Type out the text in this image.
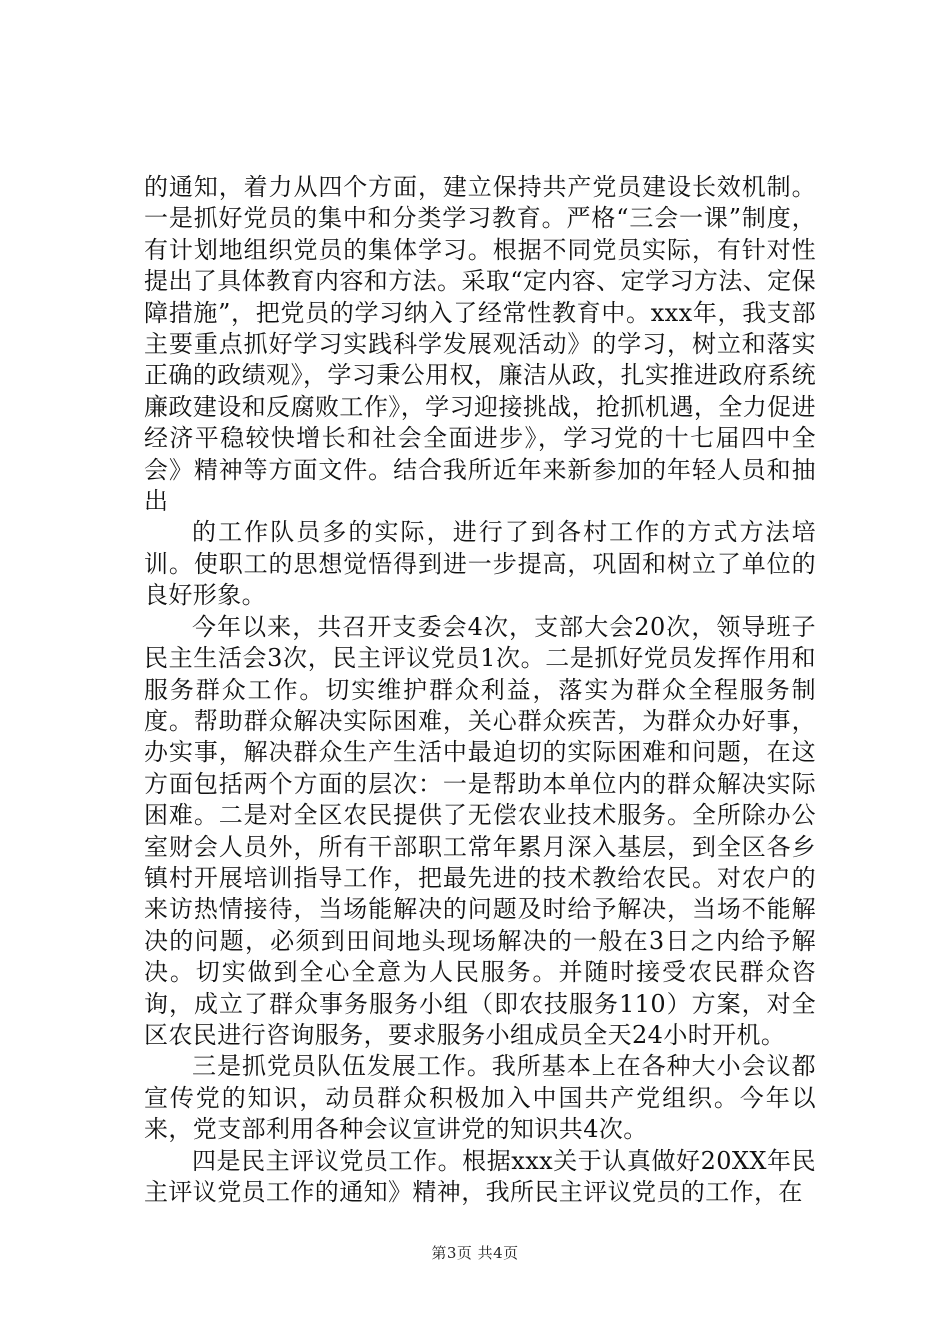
的通知，着力从四个方面，建立保持共产党员建设长效机制。一是抓好党员的集中和分类学习教育。严格“三会一课”制度，有计划地组织党员的集体学习。根据不同党员实际，有针对性提出了具体教育内容和方法。采取“定内容、定学习方法、定保障措施”，把党员的学习纳入了经常性教育中。xxx年，我支部主要重点抓好学习实践科学发展观活动》的学习，树立和落实正确的政绩观》，学习秉公用权，廉洁从政，扎实推进政府系统廉政建设和反腐败工作》，学习迎接挑战，抢抓机遇，全力促进经济平稳较快增长和社会全面进步》，学习党的十七届四中全会》精神等方面文件。结合我所近年来新参加的年轻人员和抽出

的工作队员多的实际，进行了到各村工作的方式方法培训。使职工的思想觉悟得到进一步提高，巩固和树立了单位的良好形象。

今年以来，共召开支委会4次，支部大会20次，领导班子民主生活会3次，民主评议党员1次。二是抓好党员发挥作用和服务群众工作。切实维护群众利益，落实为群众全程服务制度。帮助群众解决实际困难，关心群众疾苦，为群众办好事，办实事，解决群众生产生活中最迫切的实际困难和问题，在这方面包括两个方面的层次：一是帮助本单位内的群众解决实际困难。二是对全区农民提供了无偿农业技术服务。全所除办公室财会人员外，所有干部职工常年累月深入基层，到全区各乡镇村开展培训指导工作，把最先进的技术教给农民。对农户的来访热情接待，当场能解决的问题及时给予解决，当场不能解决的问题，必须到田间地头现场解决的一般在3日之内给予解决。切实做到全心全意为人民服务。并随时接受农民群众咨询，成立了群众事务服务小组（即农技服务110）方案，对全区农民进行咨询服务，要求服务小组成员全天24小时开机。

三是抓党员队伍发展工作。我所基本上在各种大小会议都宣传党的知识，动员群众积极加入中国共产党组织。今年以来，党支部利用各种会议宣讲党的知识共4次。

四是民主评议党员工作。根据xxx关于认真做好20XX年民主评议党员工作的通知》精神，我所民主评议党员的工作，在

第3页 共4页
